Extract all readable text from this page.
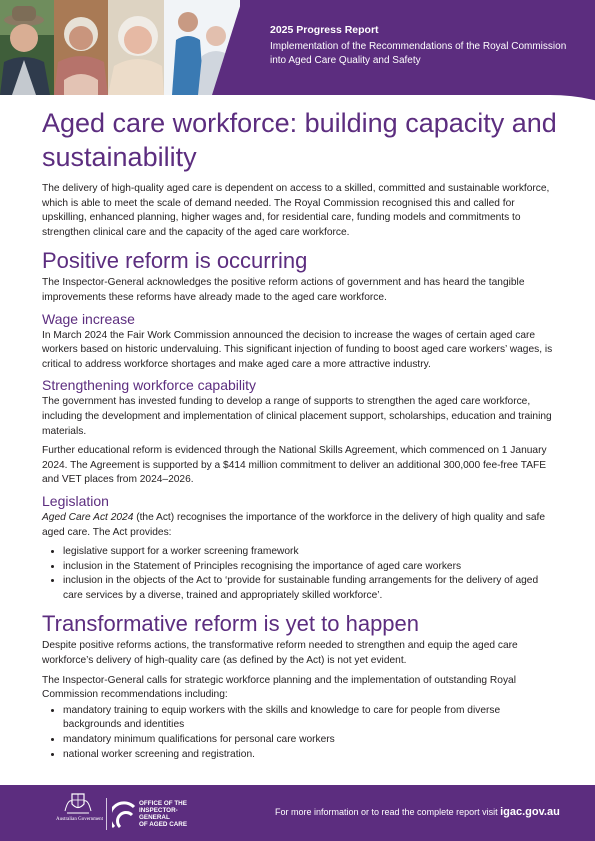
2025 Progress Report
Implementation of the Recommendations of the Royal Commission into Aged Care Quality and Safety
Aged care workforce: building capacity and sustainability

The delivery of high-quality aged care is dependent on access to a skilled, committed and sustainable workforce, which is able to meet the scale of demand needed. The Royal Commission recognised this and called for upskilling, enhanced planning, higher wages and, for residential care, funding models and commitments to strengthen clinical care and the capacity of the aged care workforce.

Positive reform is occurring

The Inspector-General acknowledges the positive reform actions of government and has heard the tangible improvements these reforms have already made to the aged care workforce.

Wage increase

In March 2024 the Fair Work Commission announced the decision to increase the wages of certain aged care workers based on historic undervaluing. This significant injection of funding to boost aged care workers’ wages, is critical to address workforce shortages and make aged care a more attractive industry.

Strengthening workforce capability

The government has invested funding to develop a range of supports to strengthen the aged care workforce, including the development and implementation of clinical placement support, scholarships, education and training materials.

Further educational reform is evidenced through the National Skills Agreement, which commenced on 1 January 2024. The Agreement is supported by a $414 million commitment to deliver an additional 300,000 fee-free TAFE and VET places from 2024–2026.

Legislation

Aged Care Act 2024 (the Act) recognises the importance of the workforce in the delivery of high quality and safe aged care. The Act provides:

• legislative support for a worker screening framework
• inclusion in the Statement of Principles recognising the importance of aged care workers
• inclusion in the objects of the Act to ‘provide for sustainable funding arrangements for the delivery of aged care services by a diverse, trained and appropriately skilled workforce’.
Transformative reform is yet to happen

Despite positive reforms actions, the transformative reform needed to strengthen and equip the aged care workforce’s delivery of high-quality care (as defined by the Act) is not yet evident.

The Inspector-General calls for strategic workforce planning and the implementation of outstanding Royal Commission recommendations including:

• mandatory training to equip workers with the skills and knowledge to care for people from diverse backgrounds and identities
• mandatory minimum qualifications for personal care workers
• national worker screening and registration.
Australian Government
OFFICE OF THE
INSPECTOR-
GENERAL
OF AGED CARE
For more information or to read the complete report visit igac.gov.au
